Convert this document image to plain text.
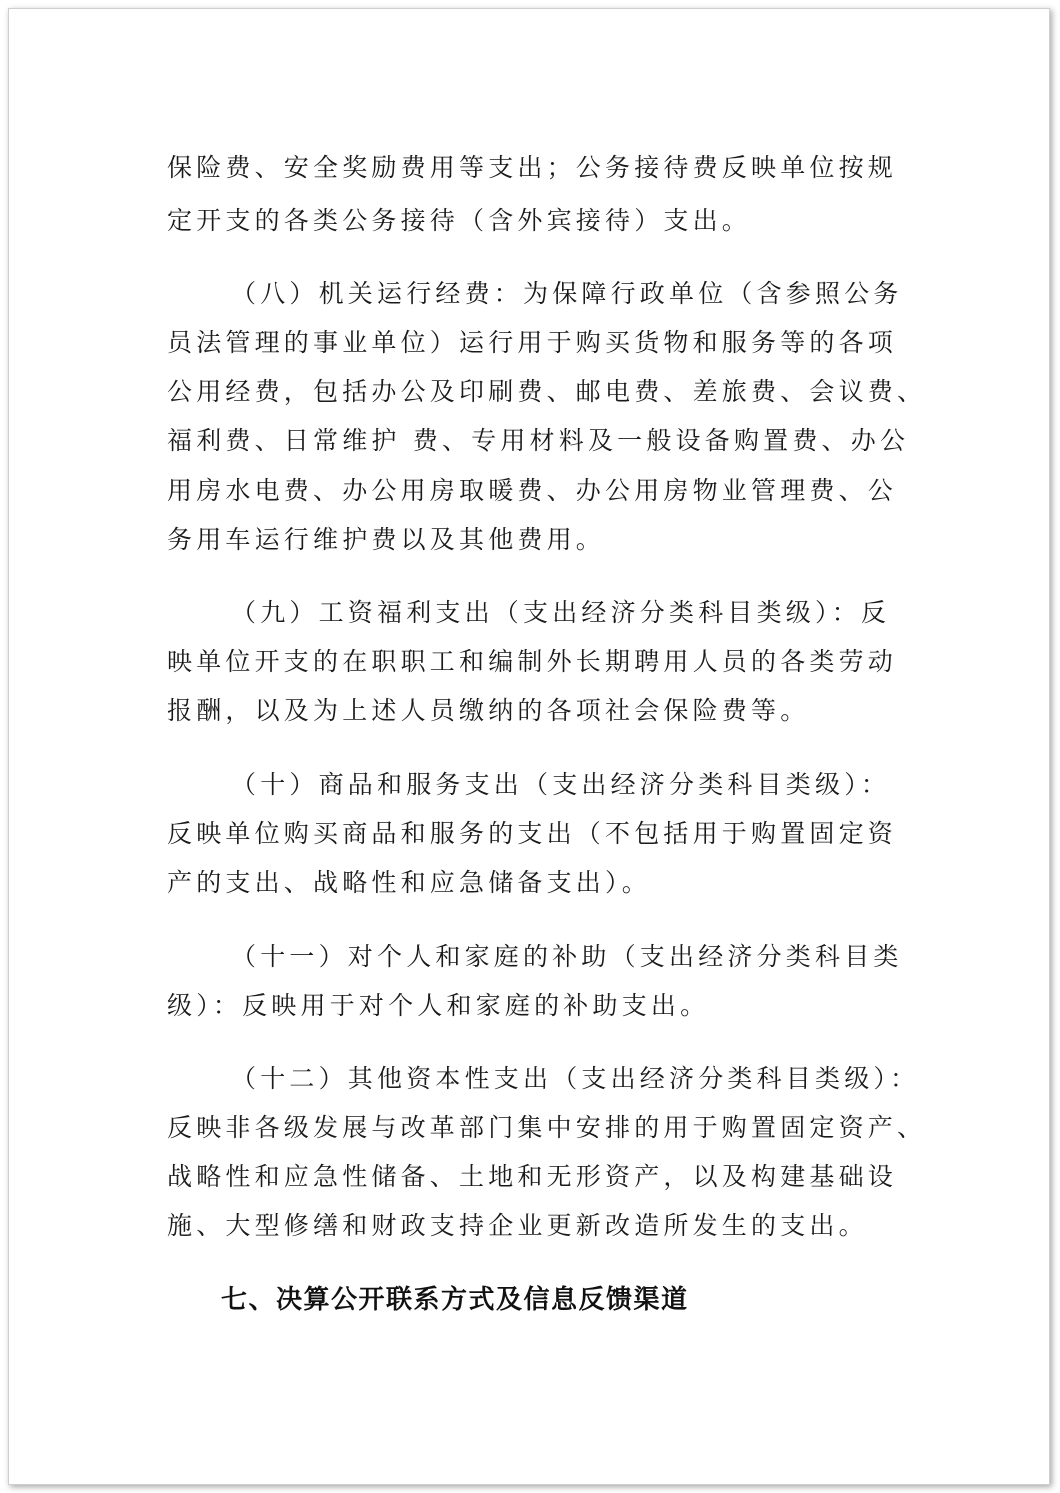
保险费、安全奖励费用等支出；公务接待费反映单位按规

定开支的各类公务接待（含外宾接待）支出。

（八）机关运行经费：为保障行政单位（含参照公务

员法管理的事业单位）运行用于购买货物和服务等的各项

公用经费，包括办公及印刷费、邮电费、差旅费、会议费、

福利费、日常维护 费、专用材料及一般设备购置费、办公

用房水电费、办公用房取暖费、办公用房物业管理费、公

务用车运行维护费以及其他费用。

（九）工资福利支出（支出经济分类科目类级）：反

映单位开支的在职职工和编制外长期聘用人员的各类劳动

报酬，以及为上述人员缴纳的各项社会保险费等。

（十）商品和服务支出（支出经济分类科目类级）：

反映单位购买商品和服务的支出（不包括用于购置固定资

产的支出、战略性和应急储备支出）。

（十一）对个人和家庭的补助（支出经济分类科目类

级）：反映用于对个人和家庭的补助支出。

（十二）其他资本性支出（支出经济分类科目类级）：

反映非各级发展与改革部门集中安排的用于购置固定资产、

战略性和应急性储备、土地和无形资产，以及构建基础设

施、大型修缮和财政支持企业更新改造所发生的支出。

七、决算公开联系方式及信息反馈渠道
